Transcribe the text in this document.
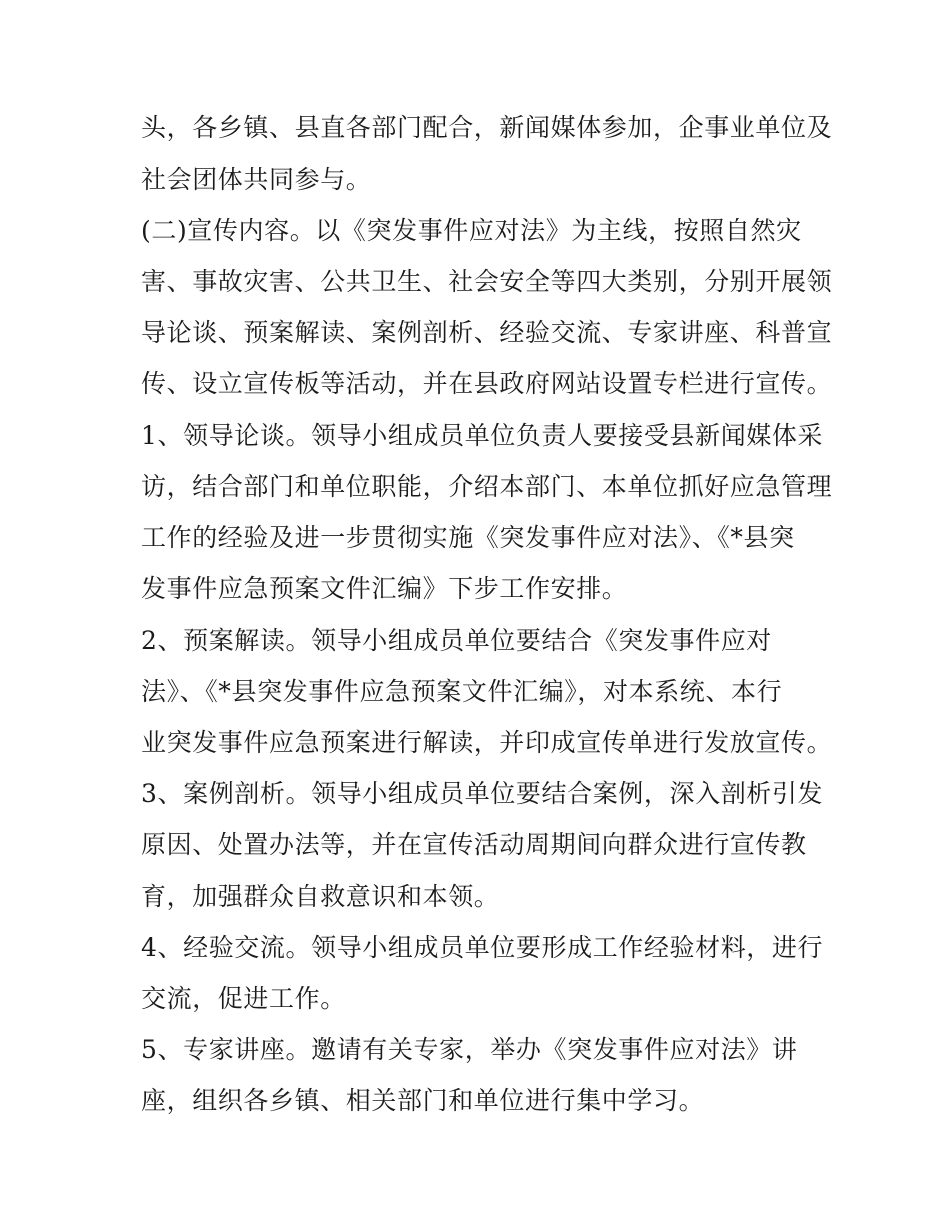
头，各乡镇、县直各部门配合，新闻媒体参加，企事业单位及
社会团体共同参与。
(二)宣传内容。以《突发事件应对法》为主线，按照自然灾
害、事故灾害、公共卫生、社会安全等四大类别，分别开展领
导论谈、预案解读、案例剖析、经验交流、专家讲座、科普宣
传、设立宣传板等活动，并在县政府网站设置专栏进行宣传。
1、领导论谈。领导小组成员单位负责人要接受县新闻媒体采
访，结合部门和单位职能，介绍本部门、本单位抓好应急管理
工作的经验及进一步贯彻实施《突发事件应对法》、《*县突
发事件应急预案文件汇编》下步工作安排。
2、预案解读。领导小组成员单位要结合《突发事件应对
法》、《*县突发事件应急预案文件汇编》，对本系统、本行
业突发事件应急预案进行解读，并印成宣传单进行发放宣传。
3、案例剖析。领导小组成员单位要结合案例，深入剖析引发
原因、处置办法等，并在宣传活动周期间向群众进行宣传教
育，加强群众自救意识和本领。
4、经验交流。领导小组成员单位要形成工作经验材料，进行
交流，促进工作。
5、专家讲座。邀请有关专家，举办《突发事件应对法》讲
座，组织各乡镇、相关部门和单位进行集中学习。
